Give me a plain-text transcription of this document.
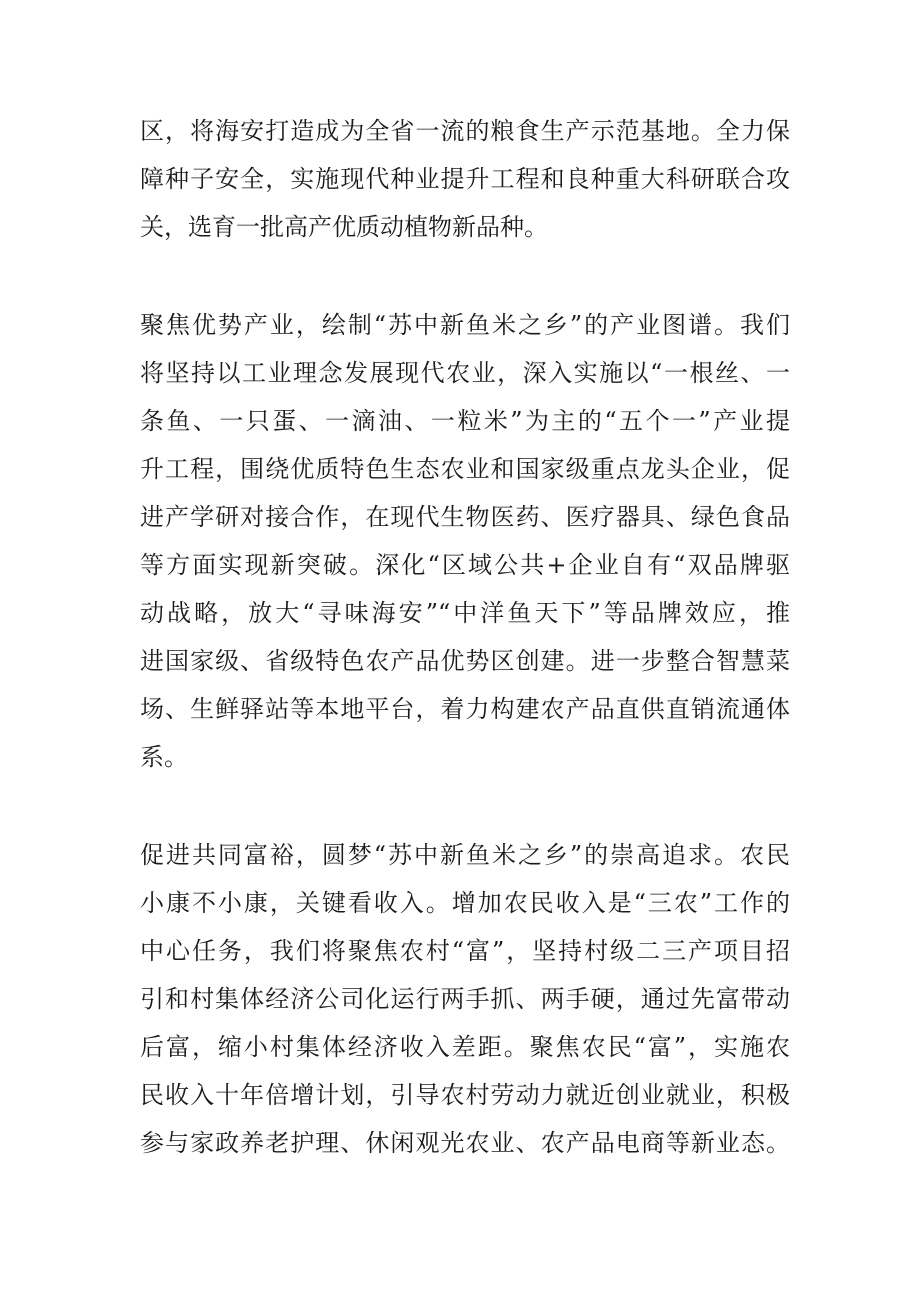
区，将海安打造成为全省一流的粮食生产示范基地。全力保
障种子安全，实施现代种业提升工程和良种重大科研联合攻
关，选育一批高产优质动植物新品种。
聚焦优势产业，绘制“苏中新鱼米之乡”的产业图谱。我们
将坚持以工业理念发展现代农业，深入实施以“一根丝、一
条鱼、一只蛋、一滴油、一粒米”为主的“五个一”产业提
升工程，围绕优质特色生态农业和国家级重点龙头企业，促
进产学研对接合作，在现代生物医药、医疗器具、绿色食品
等方面实现新突破。深化“区域公共+企业自有“双品牌驱
动战略，放大“寻味海安”“中洋鱼天下”等品牌效应，推
进国家级、省级特色农产品优势区创建。进一步整合智慧菜
场、生鲜驿站等本地平台，着力构建农产品直供直销流通体
系。
促进共同富裕，圆梦“苏中新鱼米之乡”的崇高追求。农民
小康不小康，关键看收入。增加农民收入是“三农”工作的
中心任务，我们将聚焦农村“富”，坚持村级二三产项目招
引和村集体经济公司化运行两手抓、两手硬，通过先富带动
后富，缩小村集体经济收入差距。聚焦农民“富”，实施农
民收入十年倍增计划，引导农村劳动力就近创业就业，积极
参与家政养老护理、休闲观光农业、农产品电商等新业态。
